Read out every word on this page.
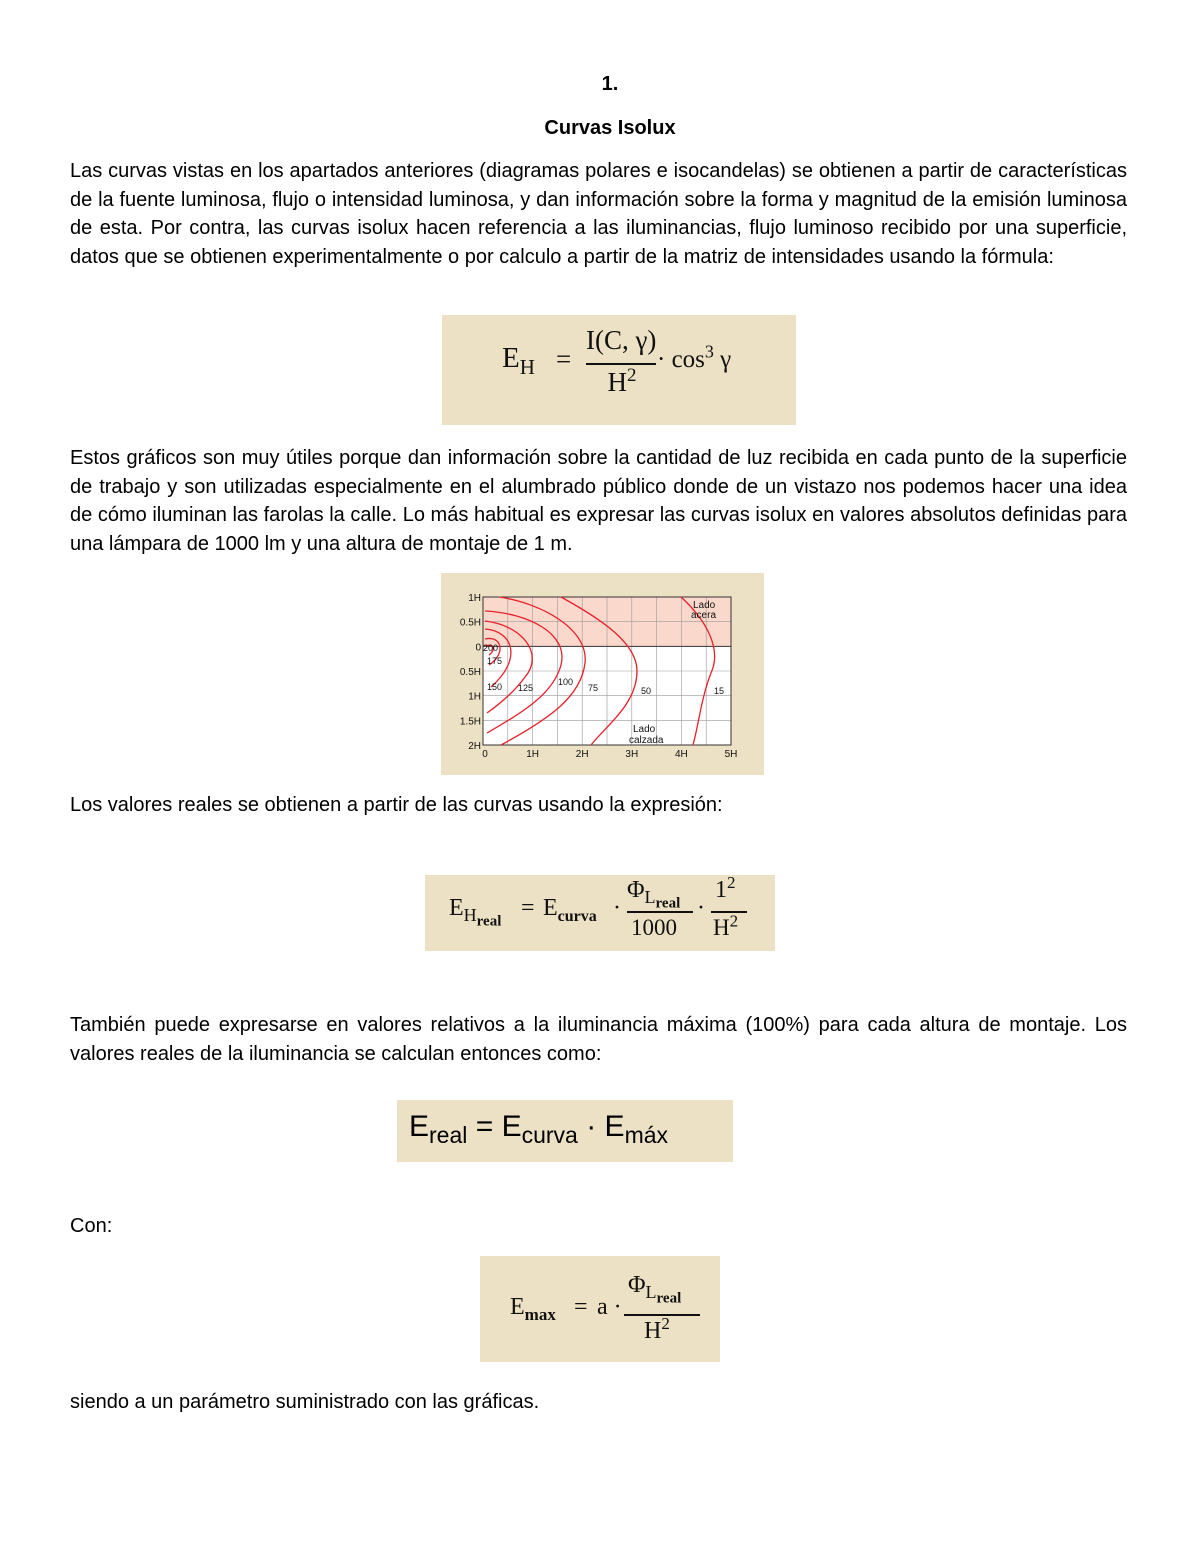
1.
Curvas Isolux

Las curvas vistas en los apartados anteriores (diagramas polares e isocandelas) se obtienen a partir de características de la fuente luminosa, flujo o intensidad luminosa, y dan información sobre la forma y magnitud de la emisión luminosa de esta. Por contra, las curvas isolux hacen referencia a las iluminancias, flujo luminoso recibido por una superficie, datos que se obtienen experimentalmente o por calculo a partir de la matriz de intensidades usando la fórmula:

$E_H$ =
I(C, γ)
$H^2$
· $\cos^3 \gamma$

Estos gráficos son muy útiles porque dan información sobre la cantidad de luz recibida en cada punto de la superficie de trabajo y son utilizadas especialmente en el alumbrado público donde de un vistazo nos podemos hacer una idea de cómo iluminan las farolas la calle. Lo más habitual es expresar las curvas isolux en valores absolutos definidas para una lámpara de 1000 lm y una altura de montaje de 1 m.

1H
0.5H
0
0.5H
1H
1.5H
2H
0	1H	2H	3H	4H	5H
200
175
150 125
100
75	50	15
Lado
acera
Lado
calzada

Los valores reales se obtienen a partir de las curvas usando la expresión:

$E_{H_{real}}$
= $E_{curva}$ ·
$\Phi_{L_{real}}$
1000
·
$1^2$
$H^2$

También puede expresarse en valores relativos a la iluminancia máxima (100%) para cada altura de montaje. Los valores reales de la iluminancia se calculan entonces como:

$E_{real} = E_{curva} \cdot E_{máx}$

Con:

$E_{max} = a$ ·
$\Phi_{L_{real}}$
$H^2$

siendo a un parámetro suministrado con las gráficas.
